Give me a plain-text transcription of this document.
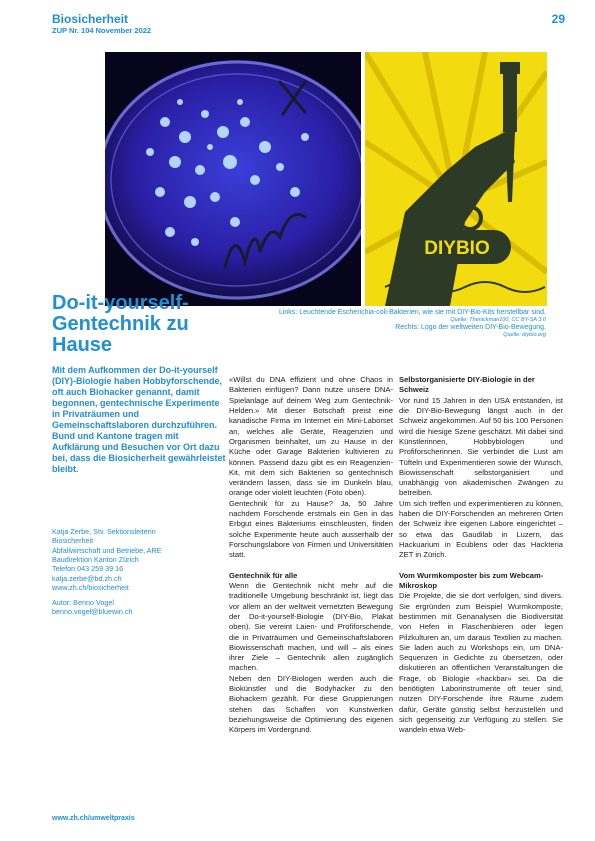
Biosicherheit
ZUP Nr. 104 November 2022
29
DIYBIO
Links: Leuchtende Escherichia-coli-Bakterien, wie sie mit DIY-Bio-Kits herstellbar sind.
Quelle: Thenickman100, CC BY-SA 3.0
Rechts: Logo der weltweiten DIY-Bio-Bewegung.
Quelle: diybio.org
Do-it-yourself-Gentechnik zu Hause
Mit dem Aufkommen der Do-it-yourself (DIY)-Biologie haben Hobbyforschende, oft auch Biohacker genannt, damit begonnen, gentechnische Experimente in Privaträumen und Gemeinschaftslaboren durchzuführen. Bund und Kantone tragen mit Aufklärung und Besuchen vor Ort dazu bei, dass die Biosicherheit gewährleistet bleibt.
Katja Zerbe, Stv. Sektionsleiterin
Biosicherheit
Abfallwirtschaft und Betriebe, ARE
Baudirektion Kanton Zürich
Telefon 043 259 39 16
katja.zerbe@bd.zh.ch
www.zh.ch/biosicherheit
Autor: Benno Vogel
benno.vogel@bluewin.ch

«Willst du DNA effizient und ohne Chaos in Bakterien einfügen? Dann nutze unsere DNA-Spielanlage auf deinem Weg zum Gentechnik-Helden.» Mit dieser Botschaft preist eine kanadische Firma im Internet ein Mini-Laborset an, welches alle Geräte, Reagenzien und Organismen beinhaltet, um zu Hause in der Küche oder Garage Bakterien kultivieren zu können. Passend dazu gibt es ein Reagenzien-Kit, mit dem sich Bakterien so gentechnisch verändern lassen, dass sie im Dunkeln blau, orange oder violett leuchten (Foto oben).

Gentechnik für zu Hause? Ja, 50 Jahre nachdem Forschende erstmals ein Gen in das Erbgut eines Bakteriums einschleusten, finden solche Experimente heute auch ausserhalb der Forschungslabore von Firmen und Universitäten statt.

Gentechnik für alle

Wenn die Gentechnik nicht mehr auf die traditionelle Umgebung beschränkt ist, liegt das vor allem an der weltweit vernetzten Bewegung der Do-it-yourself-Biologie (DIY-Bio, Plakat oben). Sie vereint Laien- und Profiforschende, die in Privaträumen und Gemeinschaftslaboren Biowissenschaft machen, und will – als eines ihrer Ziele – Gentechnik allen zugänglich machen.

Neben den DIY-Biologen werden auch die Biokünstler und die Bodyhacker zu den Biohackern gezählt. Für diese Gruppierungen stehen das Schaffen von Kunstwerken beziehungsweise die Optimierung des eigenen Körpers im Vordergrund.

Selbstorganisierte DIY-Biologie in der Schweiz

Vor rund 15 Jahren in den USA entstanden, ist die DIY-Bio-Bewegung längst auch in der Schweiz angekommen. Auf 50 bis 100 Personen wird die hiesige Szene geschätzt. Mit dabei sind Künstlerinnen, Hobbybiologen und Profiforscherinnen. Sie verbindet die Lust am Tüfteln und Experimentieren sowie der Wunsch, Biowissenschaft selbstorganisiert und unabhängig von akademischen Zwängen zu betreiben.

Um sich treffen und experimentieren zu können, haben die DIY-Forschenden an mehreren Orten der Schweiz ihre eigenen Labore eingerichtet – so etwa das Gaudilab in Luzern, das Hackuarium in Ecublens oder das Hackteria ZET in Zürich.

Vom Wurmkomposter bis zum Webcam-Mikroskop

Die Projekte, die sie dort verfolgen, sind divers. Sie ergründen zum Beispiel Wurmkomposte, bestimmen mit Genanalysen die Biodiversität von Hefen in Flaschenbieren oder legen Pilzkulturen an, um daraus Textilien zu machen. Sie laden auch zu Workshops ein, um DNA-Sequenzen in Gedichte zu übersetzen, oder diskutieren an öffentlichen Veranstaltungen die Frage, ob Biologie «hackbar» sei. Da die benötigten Laborinstrumente oft teuer sind, nutzen DIY-Forschende ihre Räume zudem dafür, Geräte günstig selbst herzustellen und sich gegenseitig zur Verfügung zu stellen. Sie wandeln etwa Web-

www.zh.ch/umweltpraxis
